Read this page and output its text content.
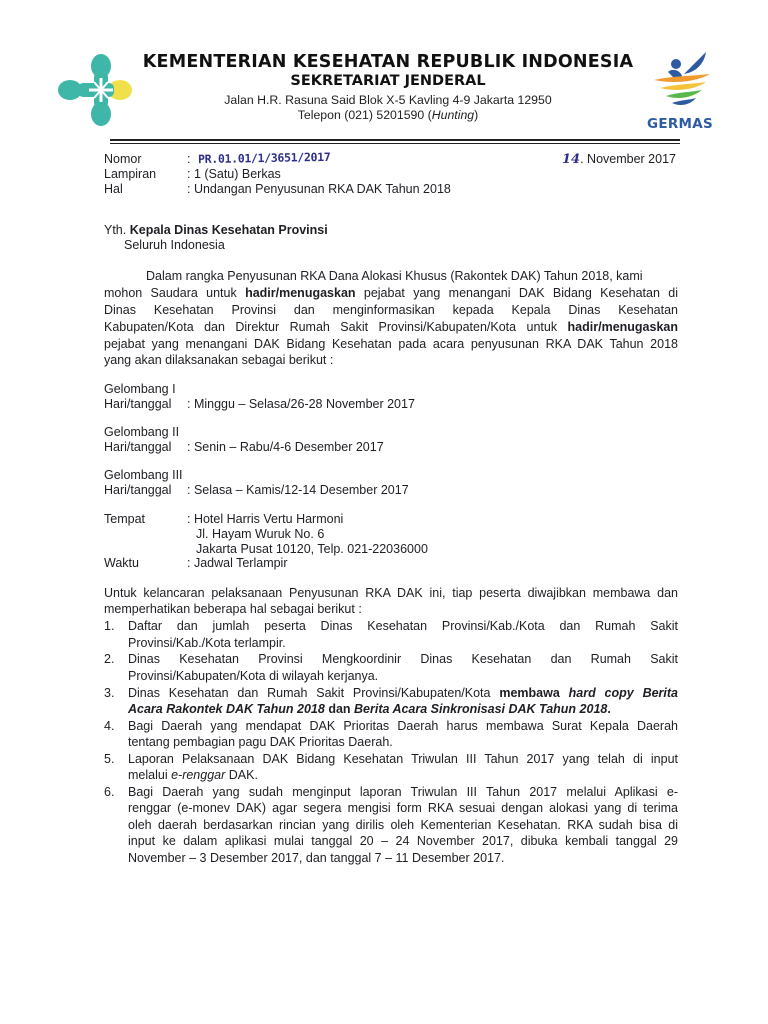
KEMENTERIAN KESEHATAN REPUBLIK INDONESIA
SEKRETARIAT JENDERAL
Jalan H.R. Rasuna Said Blok X-5 Kavling 4-9 Jakarta 12950
Telepon (021) 5201590 (Hunting)
GERMAS
Nomor	: PR.01.01/1/3651/2017	14. November 2017
Lampiran : 1 (Satu) Berkas
Hal	: Undangan Penyusunan RKA DAK Tahun 2018
Yth. Kepala Dinas Kesehatan Provinsi
Seluruh Indonesia
Dalam rangka Penyusunan RKA Dana Alokasi Khusus (Rakontek DAK) Tahun 2018, kami
mohon Saudara untuk hadir/menugaskan pejabat yang menangani DAK Bidang Kesehatan di
Dinas Kesehatan Provinsi dan menginformasikan kepada Kepala Dinas Kesehatan
Kabupaten/Kota dan Direktur Rumah Sakit Provinsi/Kabupaten/Kota untuk hadir/menugaskan
pejabat yang menangani DAK Bidang Kesehatan pada acara penyusunan RKA DAK Tahun 2018
yang akan dilaksanakan sebagai berikut :
Gelombang I
Hari/tanggal : Minggu – Selasa/26-28 November 2017
Gelombang II
Hari/tanggal : Senin – Rabu/4-6 Desember 2017
Gelombang III
Hari/tanggal : Selasa – Kamis/12-14 Desember 2017
Tempat	: Hotel Harris Vertu Harmoni
Jl. Hayam Wuruk No. 6
Jakarta Pusat 10120, Telp. 021-22036000
Waktu	: Jadwal Terlampir
Untuk kelancaran pelaksanaan Penyusunan RKA DAK ini, tiap peserta diwajibkan membawa dan
memperhatikan beberapa hal sebagai berikut :
1. Daftar dan jumlah peserta Dinas Kesehatan Provinsi/Kab./Kota dan Rumah Sakit
Provinsi/Kab./Kota terlampir.
2. Dinas Kesehatan Provinsi Mengkoordinir Dinas Kesehatan dan Rumah Sakit
Provinsi/Kabupaten/Kota di wilayah kerjanya.
3. Dinas Kesehatan dan Rumah Sakit Provinsi/Kabupaten/Kota membawa hard copy Berita
Acara Rakontek DAK Tahun 2018 dan Berita Acara Sinkronisasi DAK Tahun 2018.
4. Bagi Daerah yang mendapat DAK Prioritas Daerah harus membawa Surat Kepala Daerah
tentang pembagian pagu DAK Prioritas Daerah.
5. Laporan Pelaksanaan DAK Bidang Kesehatan Triwulan III Tahun 2017 yang telah di input
melalui e-renggar DAK.
6. Bagi Daerah yang sudah menginput laporan Triwulan III Tahun 2017 melalui Aplikasi e-
renggar (e-monev DAK) agar segera mengisi form RKA sesuai dengan alokasi yang di terima
oleh daerah berdasarkan rincian yang dirilis oleh Kementerian Kesehatan. RKA sudah bisa di
input ke dalam aplikasi mulai tanggal 20 – 24 November 2017, dibuka kembali tanggal 29
November – 3 Desember 2017, dan tanggal 7 – 11 Desember 2017.
